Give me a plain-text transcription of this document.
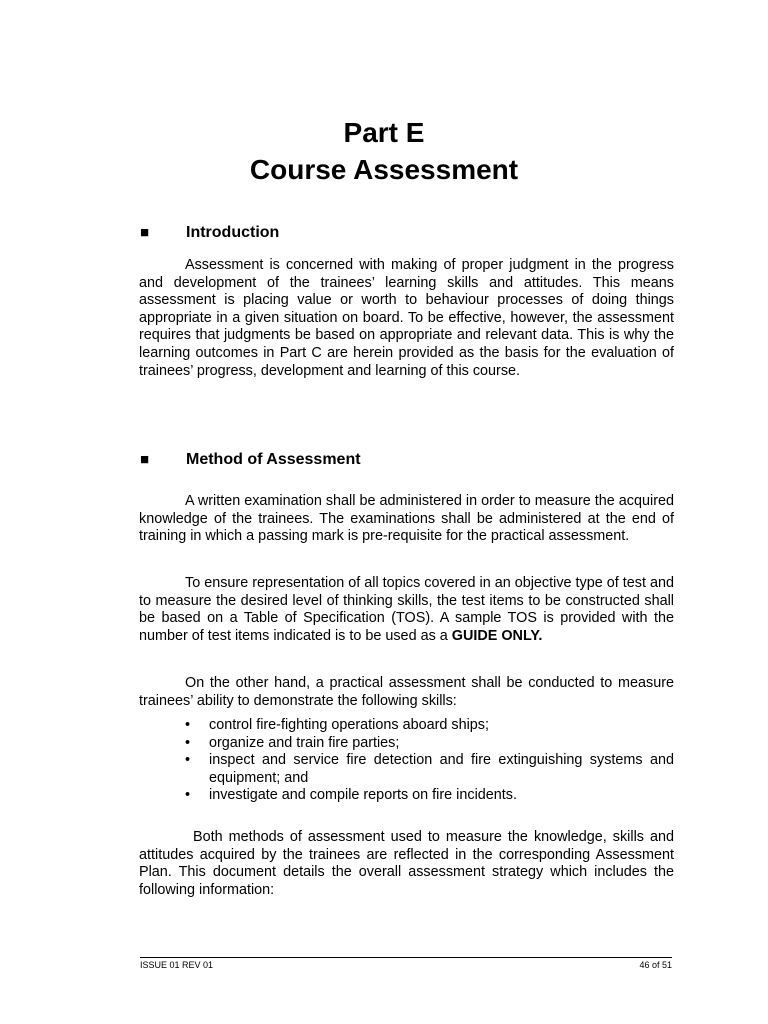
Part E
Course Assessment
■ Introduction
Assessment is concerned with making of proper judgment in the progress and development of the trainees’ learning skills and attitudes. This means assessment is placing value or worth to behaviour processes of doing things appropriate in a given situation on board. To be effective, however, the assessment requires that judgments be based on appropriate and relevant data. This is why the learning outcomes in Part C are herein provided as the basis for the evaluation of trainees’ progress, development and learning of this course.
■ Method of Assessment
A written examination shall be administered in order to measure the acquired knowledge of the trainees. The examinations shall be administered at the end of training in which a passing mark is pre-requisite for the practical assessment.
To ensure representation of all topics covered in an objective type of test and to measure the desired level of thinking skills, the test items to be constructed shall be based on a Table of Specification (TOS). A sample TOS is provided with the number of test items indicated is to be used as a GUIDE ONLY.
On the other hand, a practical assessment shall be conducted to measure trainees’ ability to demonstrate the following skills:
• control fire-fighting operations aboard ships;
• organize and train fire parties;
• inspect and service fire detection and fire extinguishing systems and equipment; and
• investigate and compile reports on fire incidents.
Both methods of assessment used to measure the knowledge, skills and attitudes acquired by the trainees are reflected in the corresponding Assessment Plan. This document details the overall assessment strategy which includes the following information:
ISSUE 01 REV 01	46 of 51
